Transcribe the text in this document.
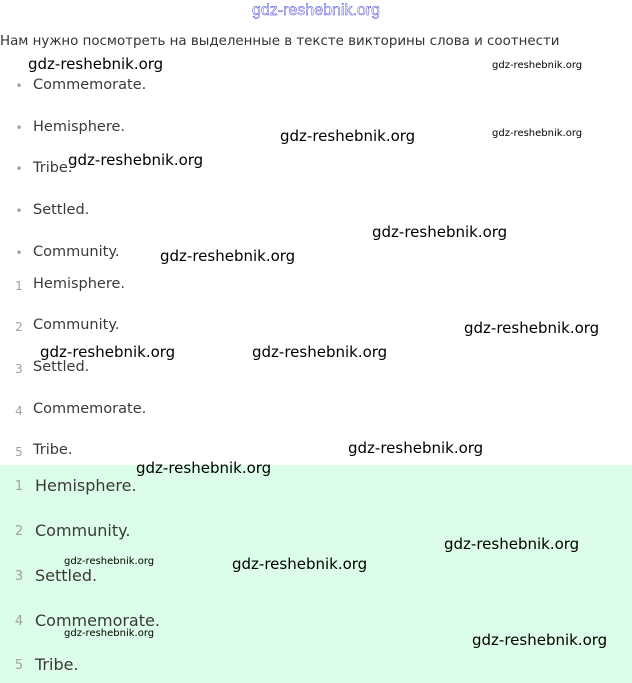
gdz-reshebnik.org
Нам нужно посмотреть на выделенные в тексте викторины слова и соотнести
• Commemorate.
• Hemisphere.
• Tribe.
• Settled.
• Community.
1 Hemisphere.
2 Community.
3 Settled.
4 Commemorate.
5 Tribe.
1 Hemisphere.
2 Community.
3 Settled.
4 Commemorate.
5 Tribe.
gdz-reshebnik.org	gdz-reshebnik.org
gdz-reshebnik.org	gdz-reshebnik.org
gdz-reshebnik.org
gdz-reshebnik.org
gdz-reshebnik.org
gdz-reshebnik.org
gdz-reshebnik.org	gdz-reshebnik.org
gdz-reshebnik.org
gdz-reshebnik.org
gdz-reshebnik.org
gdz-reshebnik.org	gdz-reshebnik.org
gdz-reshebnik.org	gdz-reshebnik.org
